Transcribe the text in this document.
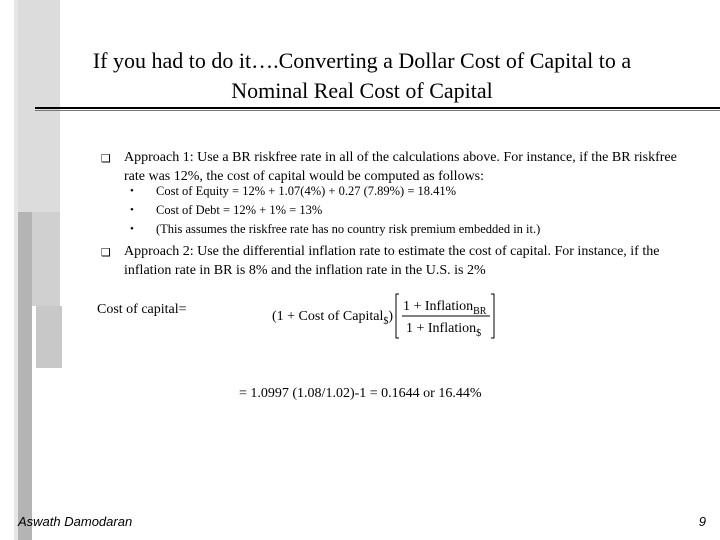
If you had to do it….Converting a Dollar Cost of Capital to a
Nominal Real Cost of Capital
❑ Approach 1: Use a BR riskfree rate in all of the calculations above. For instance, if the BR riskfree rate was 12%, the cost of capital would be computed as follows:
• Cost of Equity = 12% + 1.07(4%) + 0.27 (7.89%) = 18.41%
• Cost of Debt = 12% + 1% = 13%
• (This assumes the riskfree rate has no country risk premium embedded in it.)
❑ Approach 2: Use the differential inflation rate to estimate the cost of capital. For instance, if the inflation rate in BR is 8% and the inflation rate in the U.S. is 2%
Cost of capital=	(1 + Cost of Capital$_{\$}$)
1 + Inflation$_{BR}$
1 + Inflation$_{\$}$
= 1.0997 (1.08/1.02)-1 = 0.1644 or 16.44%
Aswath Damodaran	9
